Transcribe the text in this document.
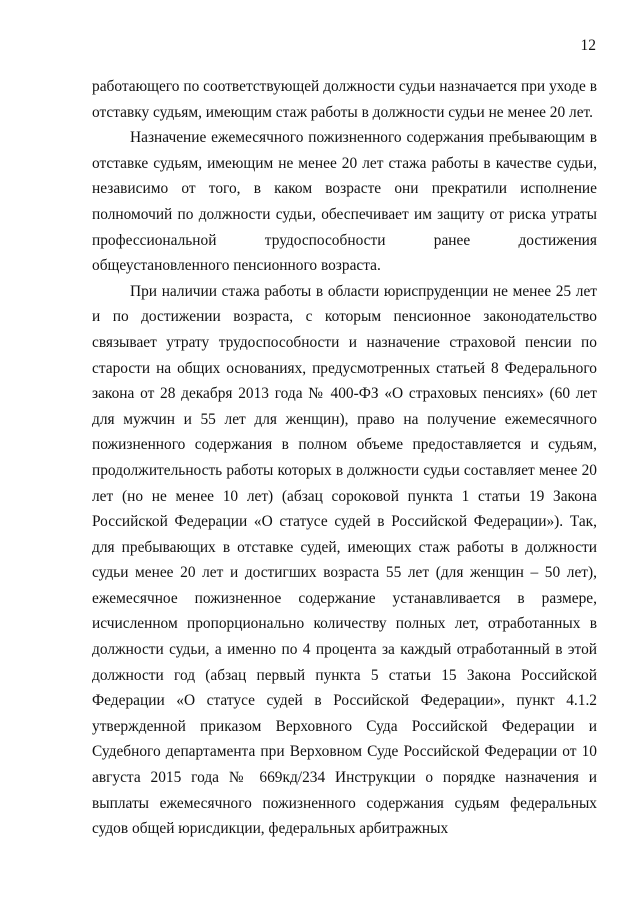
12

работающего по соответствующей должности судьи назначается при уходе в отставку судьям, имеющим стаж работы в должности судьи не менее 20 лет.

Назначение ежемесячного пожизненного содержания пребывающим в отставке судьям, имеющим не менее 20 лет стажа работы в качестве судьи, независимо от того, в каком возрасте они прекратили исполнение полномочий по должности судьи, обеспечивает им защиту от риска утраты профессиональной трудоспособности ранее достижения общеустановленного пенсионного возраста.

При наличии стажа работы в области юриспруденции не менее 25 лет и по достижении возраста, с которым пенсионное законодательство связывает утрату трудоспособности и назначение страховой пенсии по старости на общих основаниях, предусмотренных статьей 8 Федерального закона от 28 декабря 2013 года № 400-ФЗ «О страховых пенсиях» (60 лет для мужчин и 55 лет для женщин), право на получение ежемесячного пожизненного содержания в полном объеме предоставляется и судьям, продолжительность работы которых в должности судьи составляет менее 20 лет (но не менее 10 лет) (абзац сороковой пункта 1 статьи 19 Закона Российской Федерации «О статусе судей в Российской Федерации»). Так, для пребывающих в отставке судей, имеющих стаж работы в должности судьи менее 20 лет и достигших возраста 55 лет (для женщин – 50 лет), ежемесячное пожизненное содержание устанавливается в размере, исчисленном пропорционально количеству полных лет, отработанных в должности судьи, а именно по 4 процента за каждый отработанный в этой должности год (абзац первый пункта 5 статьи 15 Закона Российской Федерации «О статусе судей в Российской Федерации», пункт 4.1.2 утвержденной приказом Верховного Суда Российской Федерации и Судебного департамента при Верховном Суде Российской Федерации от 10 августа 2015 года № 669кд/234 Инструкции о порядке назначения и выплаты ежемесячного пожизненного содержания судьям федеральных судов общей юрисдикции, федеральных арбитражных
